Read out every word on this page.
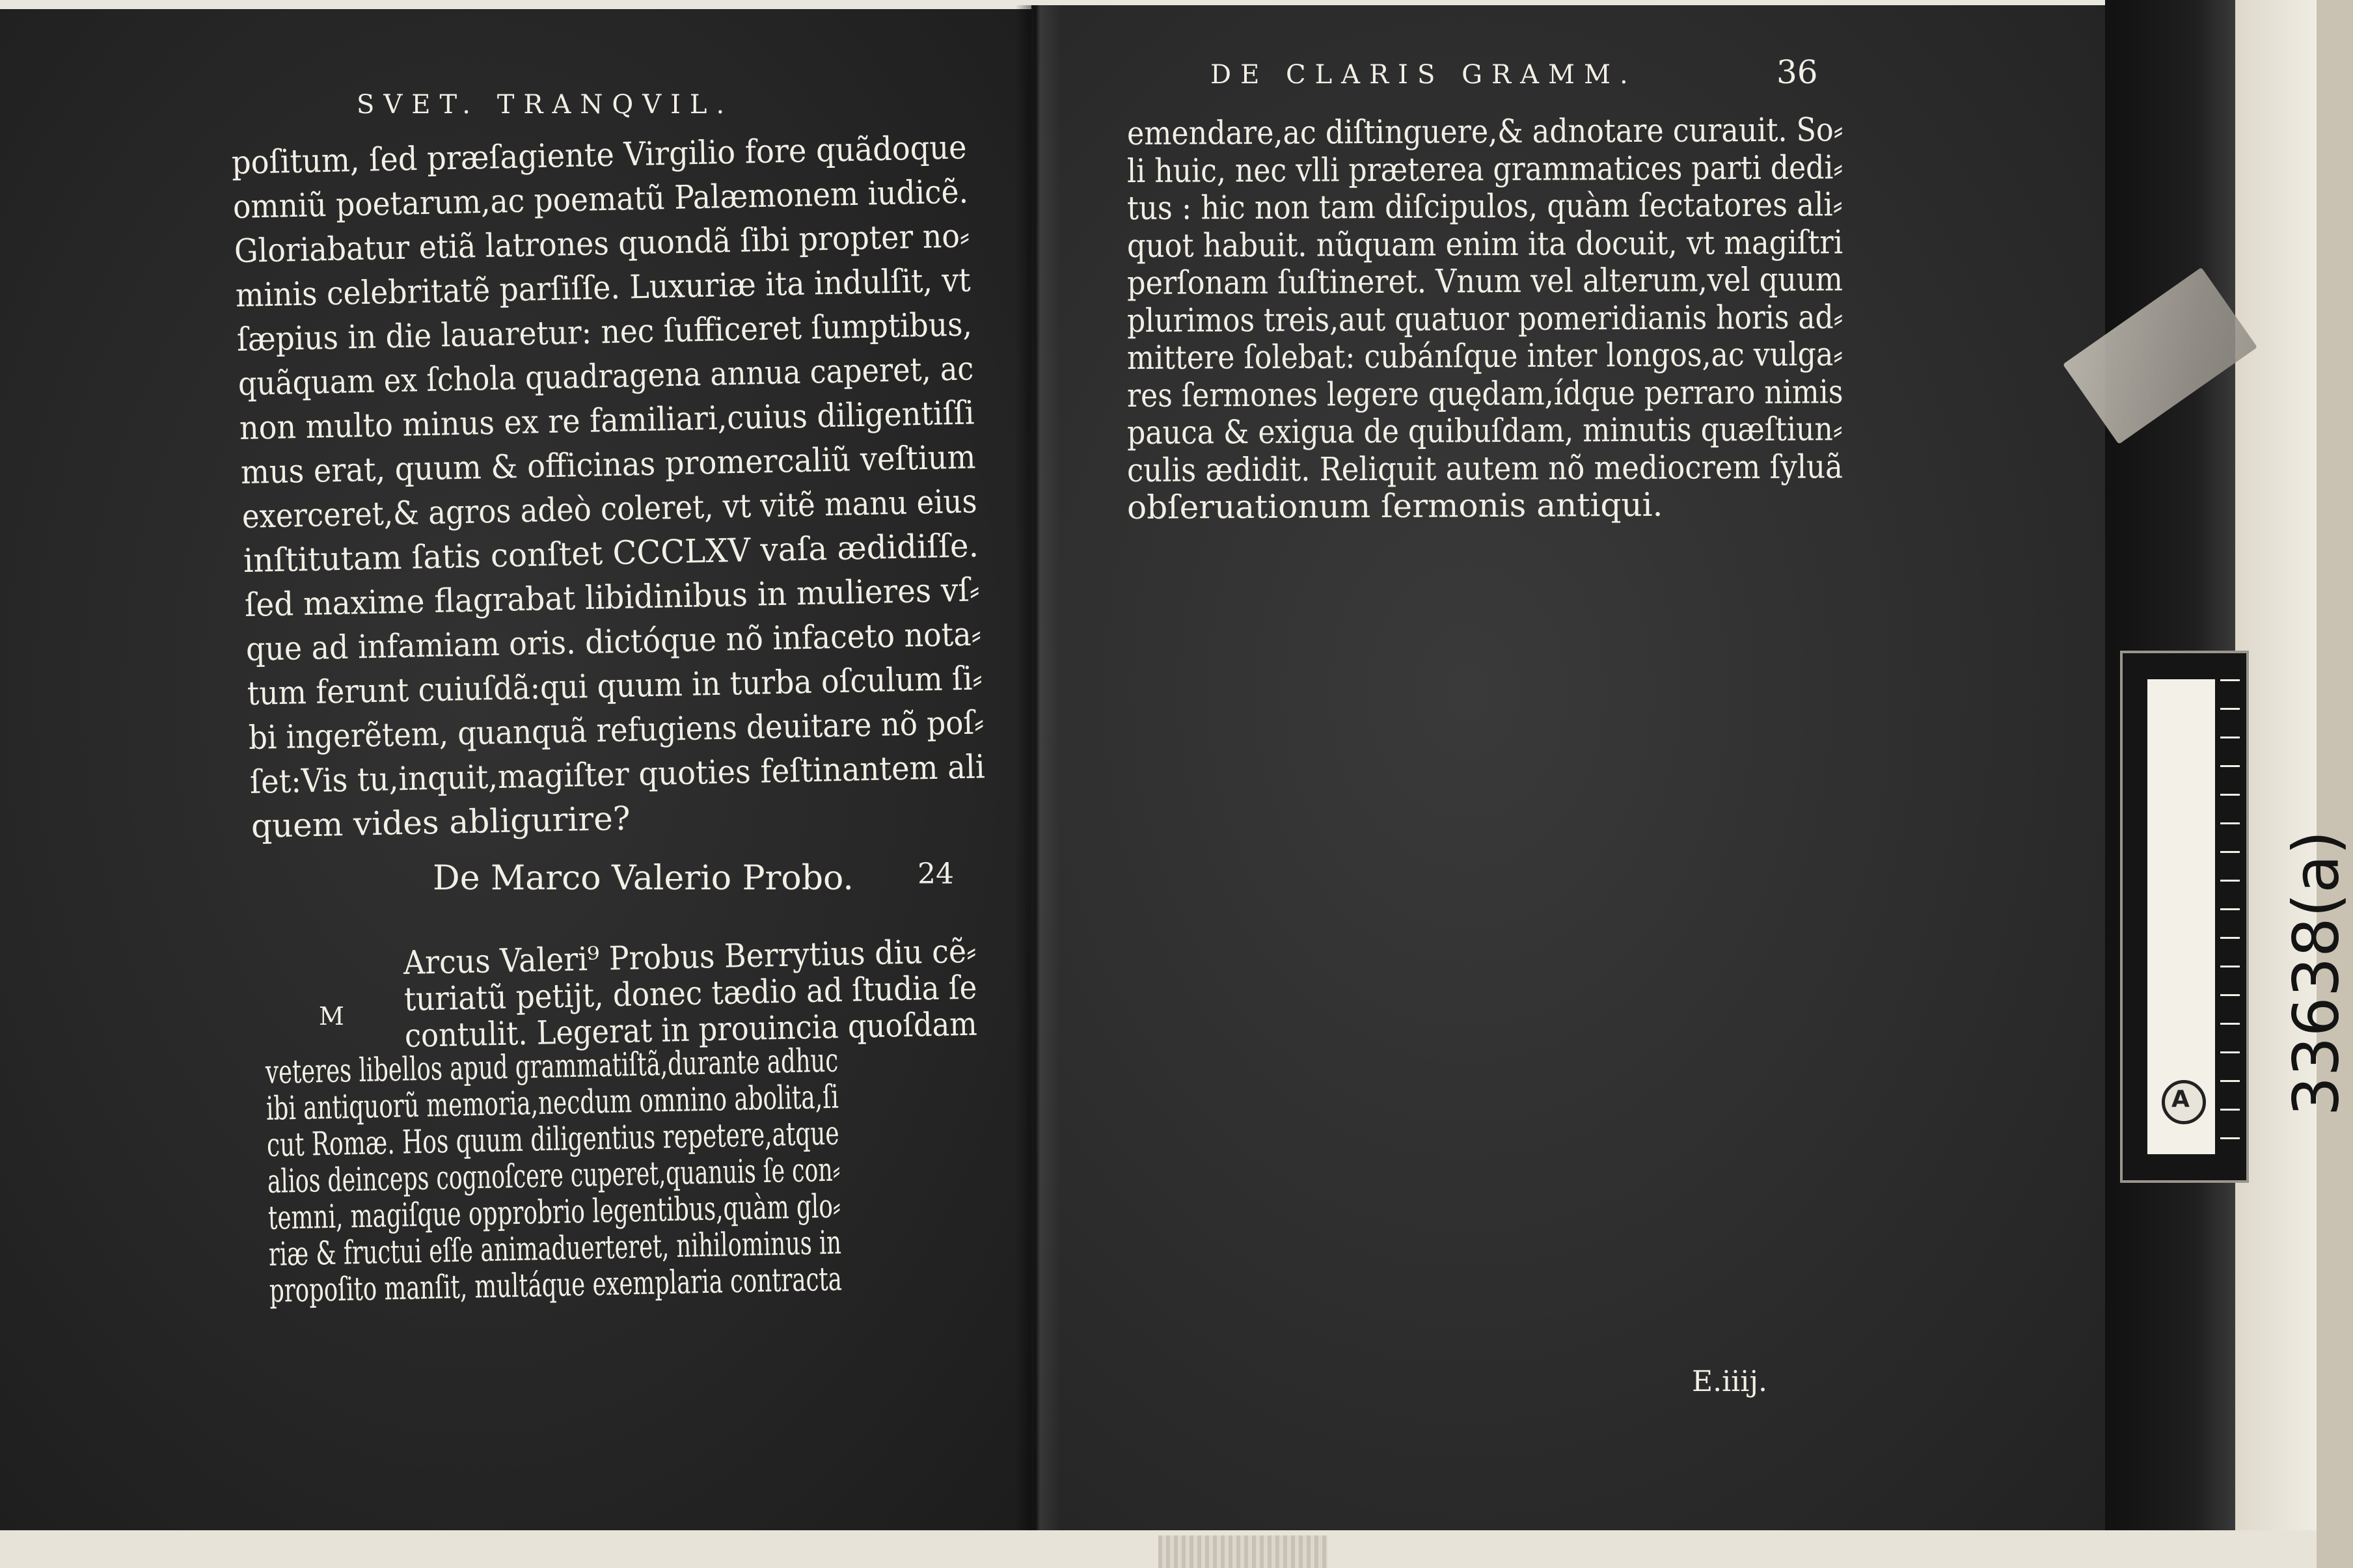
SVET. TRANQVIL.
poſitum, ſed præſagiente Virgilio fore quãdoque
omniũ poetarum,ac poematũ Palæmonem iudicẽ.
Gloriabatur etiã latrones quondã ſibi propter no⸗
minis celebritatẽ parſiſſe. Luxuriæ ita indulſit, vt
ſæpius in die lauaretur: nec ſufficeret ſumptibus,
quãquam ex ſchola quadragena annua caperet, ac
non multo minus ex re familiari,cuius diligentiſſi
mus erat, quum & officinas promercaliũ veſtium
exerceret,& agros adeò coleret, vt vitẽ manu eius
inſtitutam ſatis conſtet CCCLXV vaſa ædidiſſe.
ſed maxime flagrabat libidinibus in mulieres vſ⸗
que ad infamiam oris. dictóque nõ infaceto nota⸗
tum ferunt cuiuſdã:qui quum in turba oſculum ſi⸗
bi ingerẽtem, quanquã refugiens deuitare nõ poſ⸗
ſet:Vis tu,inquit,magiſter quoties feſtinantem ali
quem vides abligurire?
De Marco Valerio Probo. 24
M
Arcus Valeri⁹ Probus Berrytius diu cẽ⸗
turiatũ petijt, donec tædio ad ſtudia ſe
contulit. Legerat in prouincia quoſdam
veteres libellos apud grammatiſtã,durante adhuc
ibi antiquorũ memoria,necdum omnino abolita,ſi
cut Romæ. Hos quum diligentius repetere,atque
alios deinceps cognoſcere cuperet,quanuis ſe con⸗
temni, magiſque opprobrio legentibus,quàm glo⸗
riæ & fructui eſſe animaduerteret, nihilominus in
propoſito manſit, multáque exemplaria contracta
DE CLARIS GRAMM.	36
emendare,ac diſtinguere,& adnotare curauit. So⸗
li huic, nec vlli præterea grammatices parti dedi⸗
tus : hic non tam diſcipulos, quàm ſectatores ali⸗
quot habuit. nũquam enim ita docuit, vt magiſtri
perſonam ſuſtineret. Vnum vel alterum,vel quum
plurimos treis,aut quatuor pomeridianis horis ad⸗
mittere ſolebat: cubánſque inter longos,ac vulga⸗
res ſermones legere quędam,ídque perraro nimis
pauca & exigua de quibuſdam, minutis quæſtiun⸗
culis ædidit. Reliquit autem nõ mediocrem ſyluã
obſeruationum ſermonis antiqui.
E.iiij.
33638(a)
A
